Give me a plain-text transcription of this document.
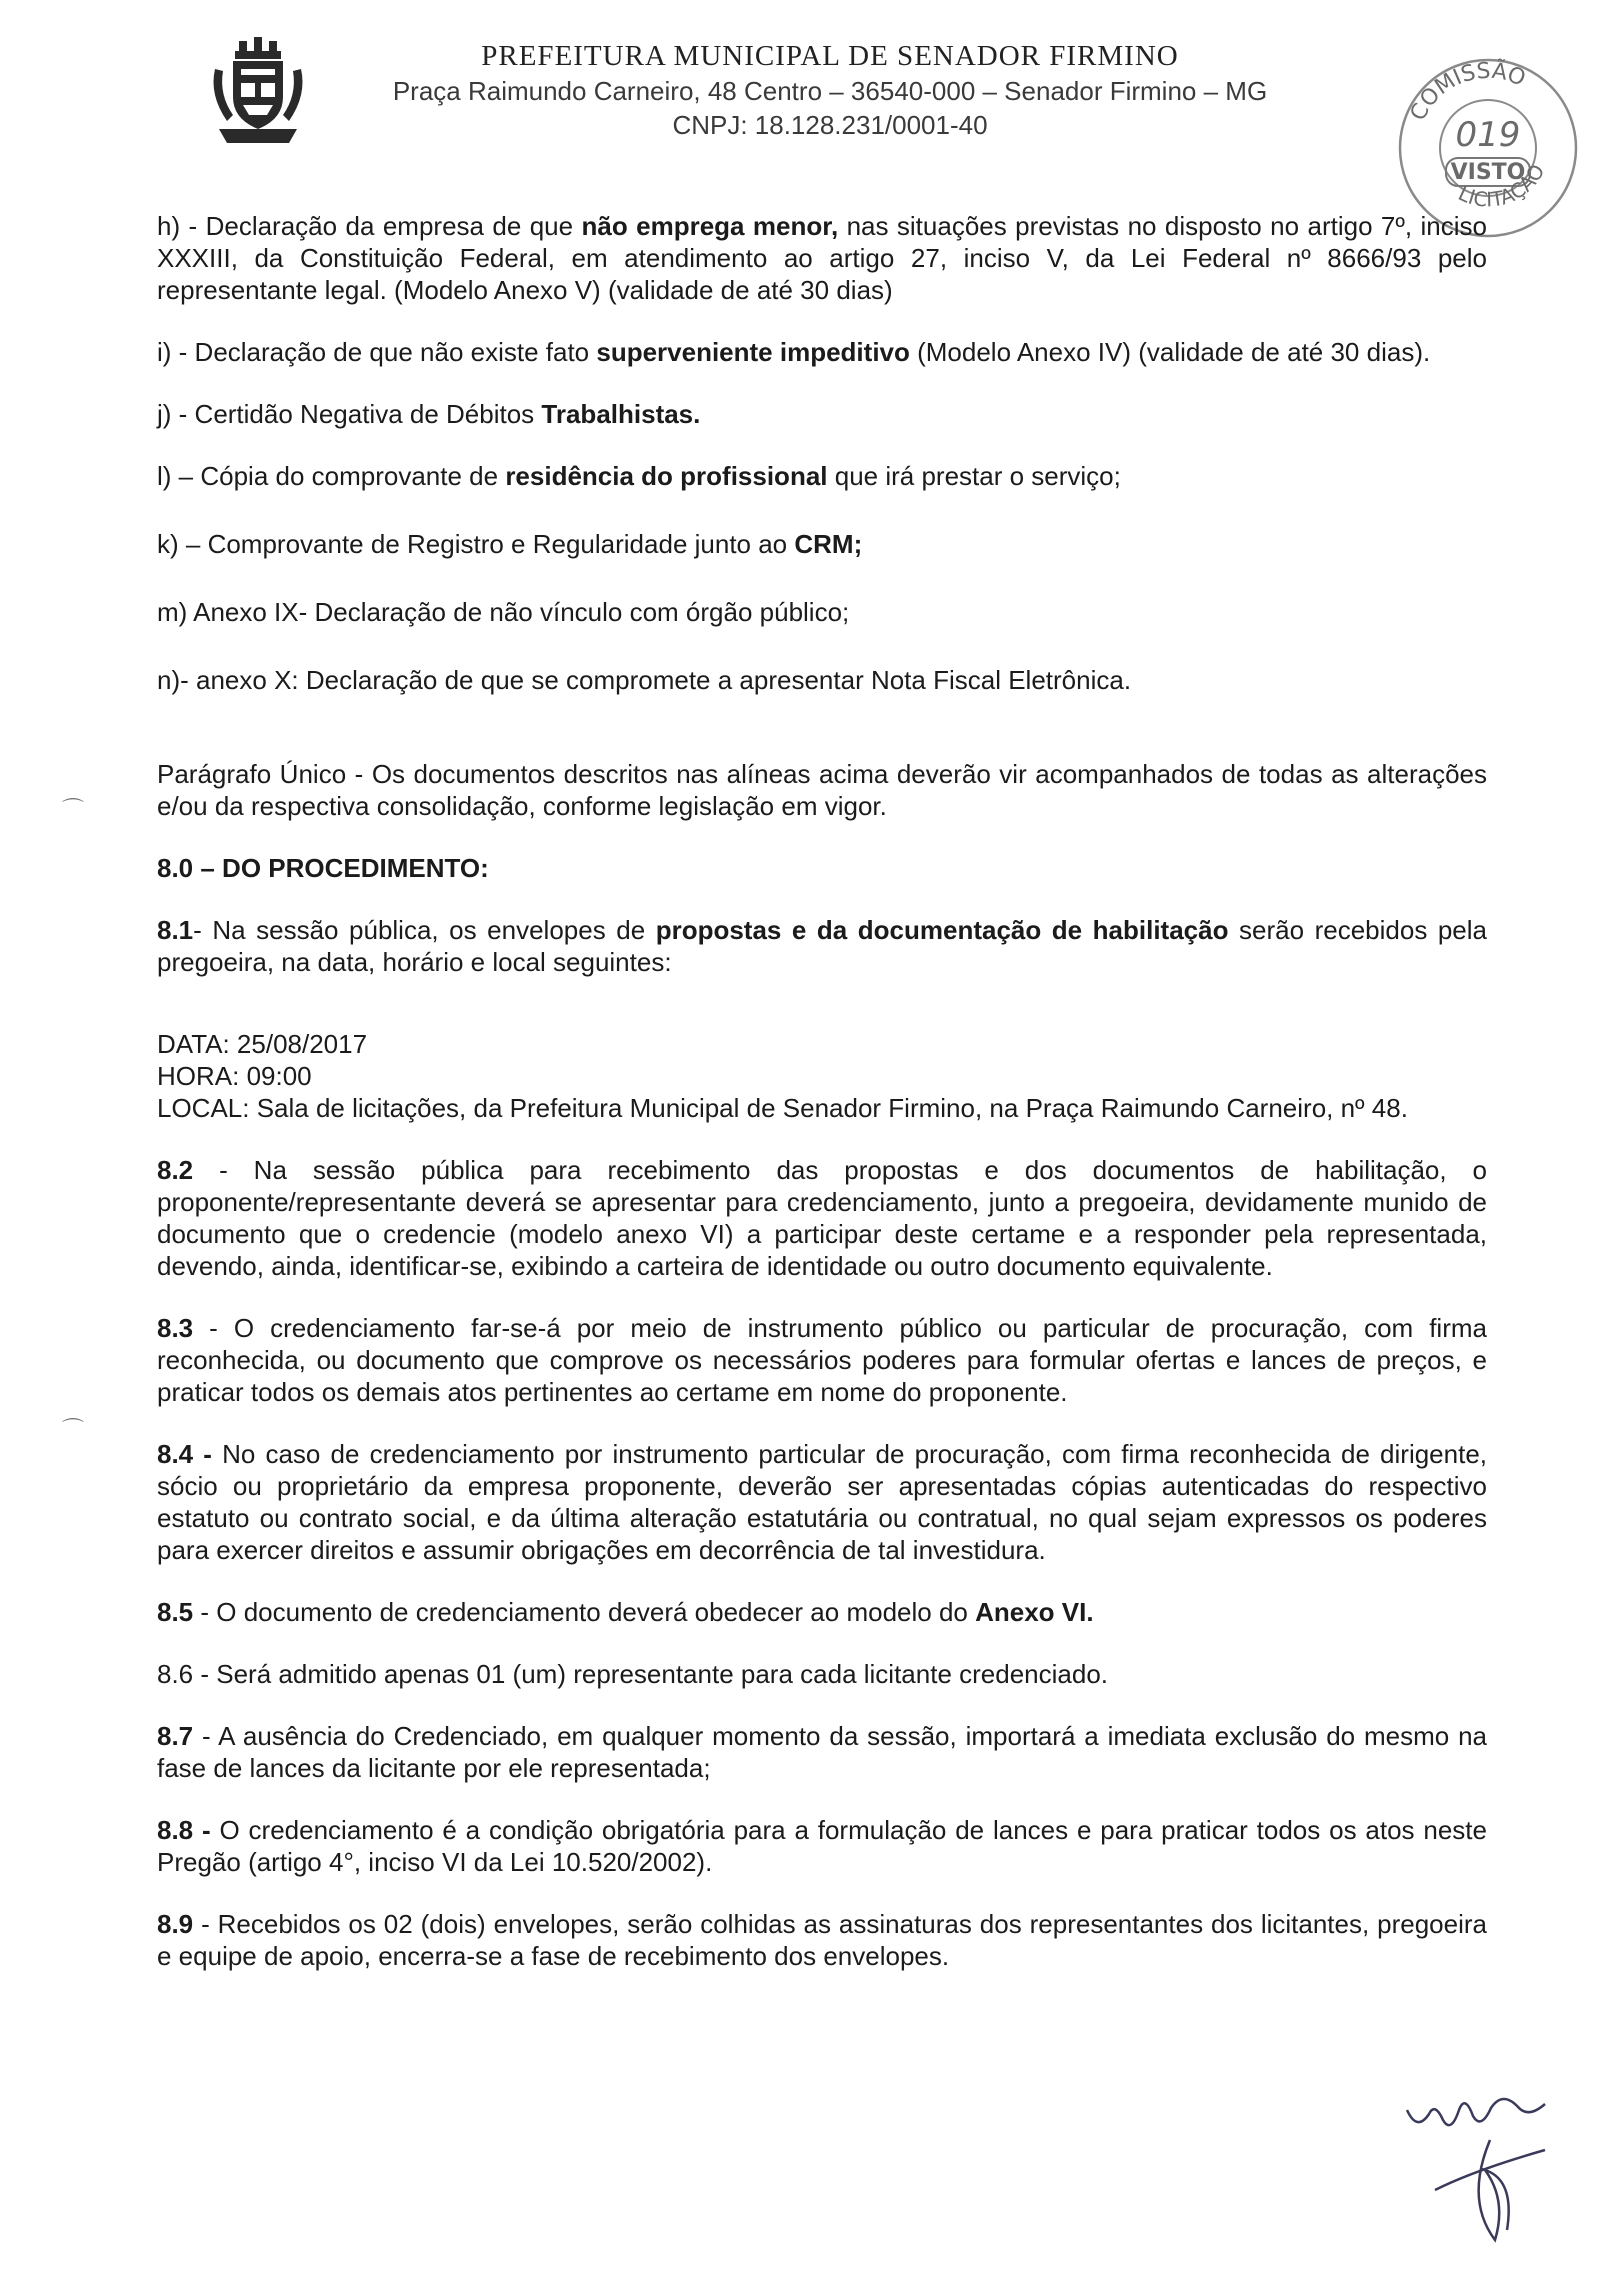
PREFEITURA MUNICIPAL DE SENADOR FIRMINO
Praça Raimundo Carneiro, 48 Centro – 36540-000 – Senador Firmino – MG
CNPJ: 18.128.231/0001-40	COMISSÃO
019
VISTO
LICITAÇÃO
⌒
⌒

h) - Declaração da empresa de que não emprega menor, nas situações previstas no disposto no artigo 7º, inciso XXXIII, da Constituição Federal, em atendimento ao artigo 27, inciso V, da Lei Federal nº 8666/93 pelo representante legal. (Modelo Anexo V) (validade de até 30 dias)

i) - Declaração de que não existe fato superveniente impeditivo (Modelo Anexo IV) (validade de até 30 dias).

j) - Certidão Negativa de Débitos Trabalhistas.

l) – Cópia do comprovante de residência do profissional que irá prestar o serviço;

k) – Comprovante de Registro e Regularidade junto ao CRM;

m) Anexo IX- Declaração de não vínculo com órgão público;

n)- anexo X: Declaração de que se compromete a apresentar Nota Fiscal Eletrônica.

Parágrafo Único - Os documentos descritos nas alíneas acima deverão vir acompanhados de todas as alterações e/ou da respectiva consolidação, conforme legislação em vigor.

8.0 – DO PROCEDIMENTO:

8.1- Na sessão pública, os envelopes de propostas e da documentação de habilitação serão recebidos pela pregoeira, na data, horário e local seguintes:

DATA: 25/08/2017

HORA: 09:00

LOCAL: Sala de licitações, da Prefeitura Municipal de Senador Firmino, na Praça Raimundo Carneiro, nº 48.

8.2 - Na sessão pública para recebimento das propostas e dos documentos de habilitação, o proponente/representante deverá se apresentar para credenciamento, junto a pregoeira, devidamente munido de documento que o credencie (modelo anexo VI) a participar deste certame e a responder pela representada, devendo, ainda, identificar-se, exibindo a carteira de identidade ou outro documento equivalente.

8.3 - O credenciamento far-se-á por meio de instrumento público ou particular de procuração, com firma reconhecida, ou documento que comprove os necessários poderes para formular ofertas e lances de preços, e praticar todos os demais atos pertinentes ao certame em nome do proponente.

8.4 - No caso de credenciamento por instrumento particular de procuração, com firma reconhecida de dirigente, sócio ou proprietário da empresa proponente, deverão ser apresentadas cópias autenticadas do respectivo estatuto ou contrato social, e da última alteração estatutária ou contratual, no qual sejam expressos os poderes para exercer direitos e assumir obrigações em decorrência de tal investidura.

8.5 - O documento de credenciamento deverá obedecer ao modelo do Anexo VI.

8.6 - Será admitido apenas 01 (um) representante para cada licitante credenciado.

8.7 - A ausência do Credenciado, em qualquer momento da sessão, importará a imediata exclusão do mesmo na fase de lances da licitante por ele representada;

8.8 - O credenciamento é a condição obrigatória para a formulação de lances e para praticar todos os atos neste Pregão (artigo 4°, inciso VI da Lei 10.520/2002).

8.9 - Recebidos os 02 (dois) envelopes, serão colhidas as assinaturas dos representantes dos licitantes, pregoeira e equipe de apoio, encerra-se a fase de recebimento dos envelopes.
